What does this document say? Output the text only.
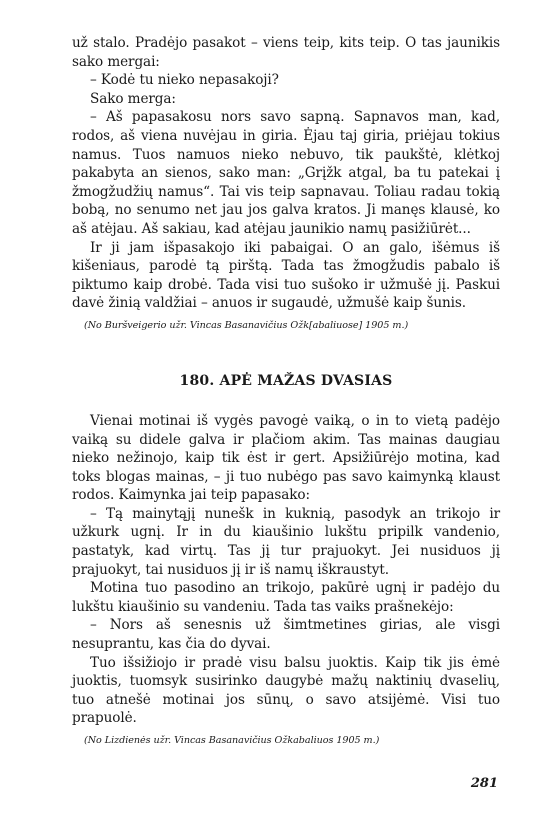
už stalo. Pradėjo pasakot – viens teip, kits teip. O tas jaunikis sako mergai:

– Kodė tu nieko nepasakoji?

Sako merga:

– Aš papasakosu nors savo sapną. Sapnavos man, kad, rodos, aš viena nuvėjau in giria. Ėjau taj giria, priėjau tokius namus. Tuos namuos nieko nebuvo, tik paukštė, klėtkoj pakabyta an sienos, sako man: „Grįžk atgal, ba tu patekai į žmogžudžių namus“. Tai vis teip sapnavau. Toliau radau tokią bobą, no senumo net jau jos galva kratos. Ji manęs klausė, ko aš atėjau. Aš sakiau, kad atėjau jaunikio namų pasižiūrėt...

Ir ji jam išpasakojo iki pabaigai. O an galo, išėmus iš kišeniaus, parodė tą pirštą. Tada tas žmogžudis pabalo iš piktumo kaip drobė. Tada visi tuo sušoko ir užmušė jį. Paskui davė žinią valdžiai – anuos ir sugaudė, užmušė kaip šunis.

(No Buršveigerio užr. Vincas Basanavičius Ožk[abaliuose] 1905 m.)

180. APĖ MAŽAS DVASIAS

Vienai motinai iš vygės pavogė vaiką, o in to vietą padėjo vaiką su didele galva ir plačiom akim. Tas mainas daugiau nieko nežinojo, kaip tik ėst ir gert. Apsižiūrėjo motina, kad toks blogas mainas, – ji tuo nubėgo pas savo kaimynką klaust rodos. Kaimynka jai teip papasako:

– Tą mainytąjį nunešk in kuknią, pasodyk an trikojo ir užkurk ugnį. Ir in du kiaušinio lukštu pripilk vandenio, pastatyk, kad virtų. Tas jį tur prajuokyt. Jei nusiduos jį prajuokyt, tai nusiduos jį ir iš namų iškraustyt.

Motina tuo pasodino an trikojo, pakūrė ugnį ir padėjo du lukštu kiaušinio su vandeniu. Tada tas vaiks prašnekėjo:

– Nors aš senesnis už šimtmetines girias, ale visgi nesuprantu, kas čia do dyvai.

Tuo išsižiojo ir pradė visu balsu juoktis. Kaip tik jis ėmė juoktis, tuomsyk susirinko daugybė mažų naktinių dvaselių, tuo atnešė motinai jos sūnų, o savo atsijėmė. Visi tuo prapuolė.

(No Lizdienės užr. Vincas Basanavičius Ožkabaliuos 1905 m.)

281
